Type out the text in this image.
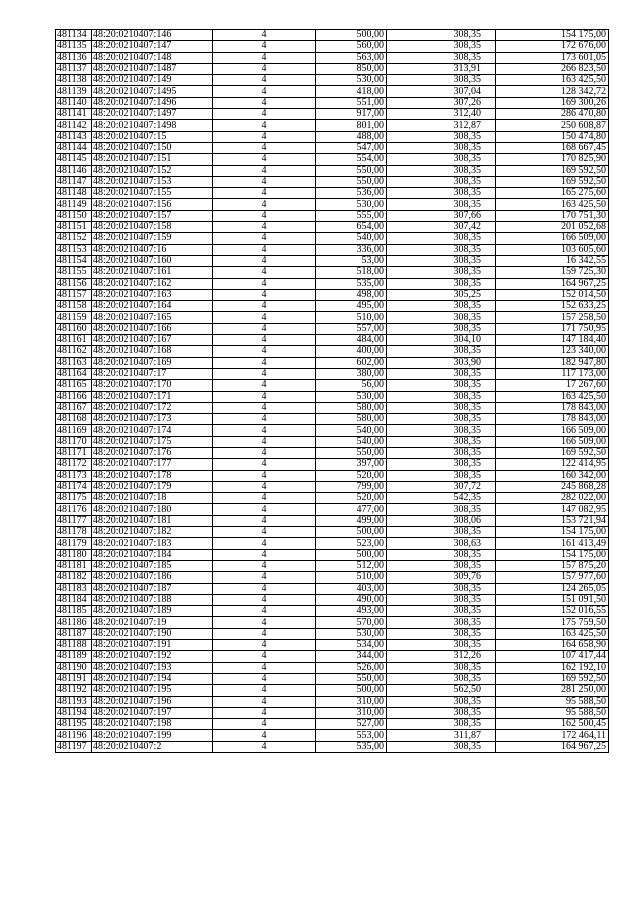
481134	48:20:0210407:146	4	500,00	308,35	154 175,00
481135	48:20:0210407:147	4	560,00	308,35	172 676,00
481136	48:20:0210407:148	4	563,00	308,35	173 601,05
481137	48:20:0210407:1487	4	850,00	313,91	266 823,50
481138	48:20:0210407:149	4	530,00	308,35	163 425,50
481139	48:20:0210407:1495	4	418,00	307,04	128 342,72
481140	48:20:0210407:1496	4	551,00	307,26	169 300,26
481141	48:20:0210407:1497	4	917,00	312,40	286 470,80
481142	48:20:0210407:1498	4	801,00	312,87	250 608,87
481143	48:20:0210407:15	4	488,00	308,35	150 474,80
481144	48:20:0210407:150	4	547,00	308,35	168 667,45
481145	48:20:0210407:151	4	554,00	308,35	170 825,90
481146	48:20:0210407:152	4	550,00	308,35	169 592,50
481147	48:20:0210407:153	4	550,00	308,35	169 592,50
481148	48:20:0210407:155	4	536,00	308,35	165 275,60
481149	48:20:0210407:156	4	530,00	308,35	163 425,50
481150	48:20:0210407:157	4	555,00	307,66	170 751,30
481151	48:20:0210407:158	4	654,00	307,42	201 052,68
481152	48:20:0210407:159	4	540,00	308,35	166 509,00
481153	48:20:0210407:16	4	336,00	308,35	103 605,60
481154	48:20:0210407:160	4	53,00	308,35	16 342,55
481155	48:20:0210407:161	4	518,00	308,35	159 725,30
481156	48:20:0210407:162	4	535,00	308,35	164 967,25
481157	48:20:0210407:163	4	498,00	305,25	152 014,50
481158	48:20:0210407:164	4	495,00	308,35	152 633,25
481159	48:20:0210407:165	4	510,00	308,35	157 258,50
481160	48:20:0210407:166	4	557,00	308,35	171 750,95
481161	48:20:0210407:167	4	484,00	304,10	147 184,40
481162	48:20:0210407:168	4	400,00	308,35	123 340,00
481163	48:20:0210407:169	4	602,00	303,90	182 947,80
481164	48:20:0210407:17	4	380,00	308,35	117 173,00
481165	48:20:0210407:170	4	56,00	308,35	17 267,60
481166	48:20:0210407:171	4	530,00	308,35	163 425,50
481167	48:20:0210407:172	4	580,00	308,35	178 843,00
481168	48:20:0210407:173	4	580,00	308,35	178 843,00
481169	48:20:0210407:174	4	540,00	308,35	166 509,00
481170	48:20:0210407:175	4	540,00	308,35	166 509,00
481171	48:20:0210407:176	4	550,00	308,35	169 592,50
481172	48:20:0210407:177	4	397,00	308,35	122 414,95
481173	48:20:0210407:178	4	520,00	308,35	160 342,00
481174	48:20:0210407:179	4	799,00	307,72	245 868,28
481175	48:20:0210407:18	4	520,00	542,35	282 022,00
481176	48:20:0210407:180	4	477,00	308,35	147 082,95
481177	48:20:0210407:181	4	499,00	308,06	153 721,94
481178	48:20:0210407:182	4	500,00	308,35	154 175,00
481179	48:20:0210407:183	4	523,00	308,63	161 413,49
481180	48:20:0210407:184	4	500,00	308,35	154 175,00
481181	48:20:0210407:185	4	512,00	308,35	157 875,20
481182	48:20:0210407:186	4	510,00	309,76	157 977,60
481183	48:20:0210407:187	4	403,00	308,35	124 265,05
481184	48:20:0210407:188	4	490,00	308,35	151 091,50
481185	48:20:0210407:189	4	493,00	308,35	152 016,55
481186	48:20:0210407:19	4	570,00	308,35	175 759,50
481187	48:20:0210407:190	4	530,00	308,35	163 425,50
481188	48:20:0210407:191	4	534,00	308,35	164 658,90
481189	48:20:0210407:192	4	344,00	312,26	107 417,44
481190	48:20:0210407:193	4	526,00	308,35	162 192,10
481191	48:20:0210407:194	4	550,00	308,35	169 592,50
481192	48:20:0210407:195	4	500,00	562,50	281 250,00
481193	48:20:0210407:196	4	310,00	308,35	95 588,50
481194	48:20:0210407:197	4	310,00	308,35	95 588,50
481195	48:20:0210407:198	4	527,00	308,35	162 500,45
481196	48:20:0210407:199	4	553,00	311,87	172 464,11
481197	48:20:0210407:2	4	535,00	308,35	164 967,25
